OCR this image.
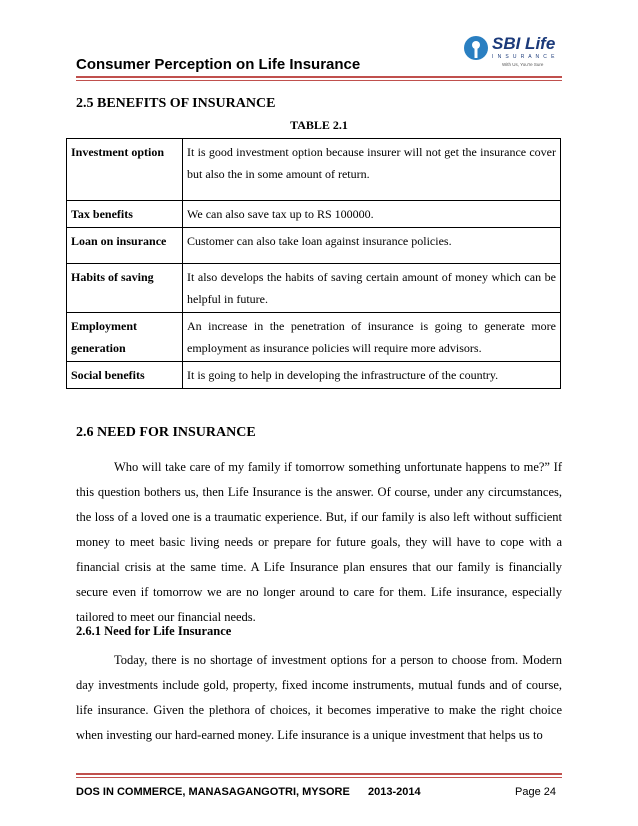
Consumer Perception on Life Insurance
SBI Life
I N S U R A N C E
With Us, You're Sure
2.5 BENEFITS OF INSURANCE
TABLE 2.1
Investment option	It is good investment option because insurer will not get the insurance cover but also the in some amount of return.
Tax benefits	We can also save tax up to RS 100000.
Loan on insurance	Customer can also take loan against insurance policies.
Habits of saving	It also develops the habits of saving certain amount of money which can be helpful in future.
Employment generation	An increase in the penetration of insurance is going to generate more employment as insurance policies will require more advisors.
Social benefits	It is going to help in developing the infrastructure of the country.
2.6 NEED FOR INSURANCE
Who will take care of my family if tomorrow something unfortunate happens to me?” If this question bothers us, then Life Insurance is the answer. Of course, under any circumstances, the loss of a loved one is a traumatic experience. But, if our family is also left without sufficient money to meet basic living needs or prepare for future goals, they will have to cope with a financial crisis at the same time. A Life Insurance plan ensures that our family is financially secure even if tomorrow we are no longer around to care for them. Life insurance, especially tailored to meet our financial needs.
2.6.1 Need for Life Insurance
Today, there is no shortage of investment options for a person to choose from. Modern day investments include gold, property, fixed income instruments, mutual funds and of course, life insurance. Given the plethora of choices, it becomes imperative to make the right choice when investing our hard-earned money. Life insurance is a unique investment that helps us to
DOS IN COMMERCE, MANASAGANGOTRI, MYSORE 2013-2014	Page 24
